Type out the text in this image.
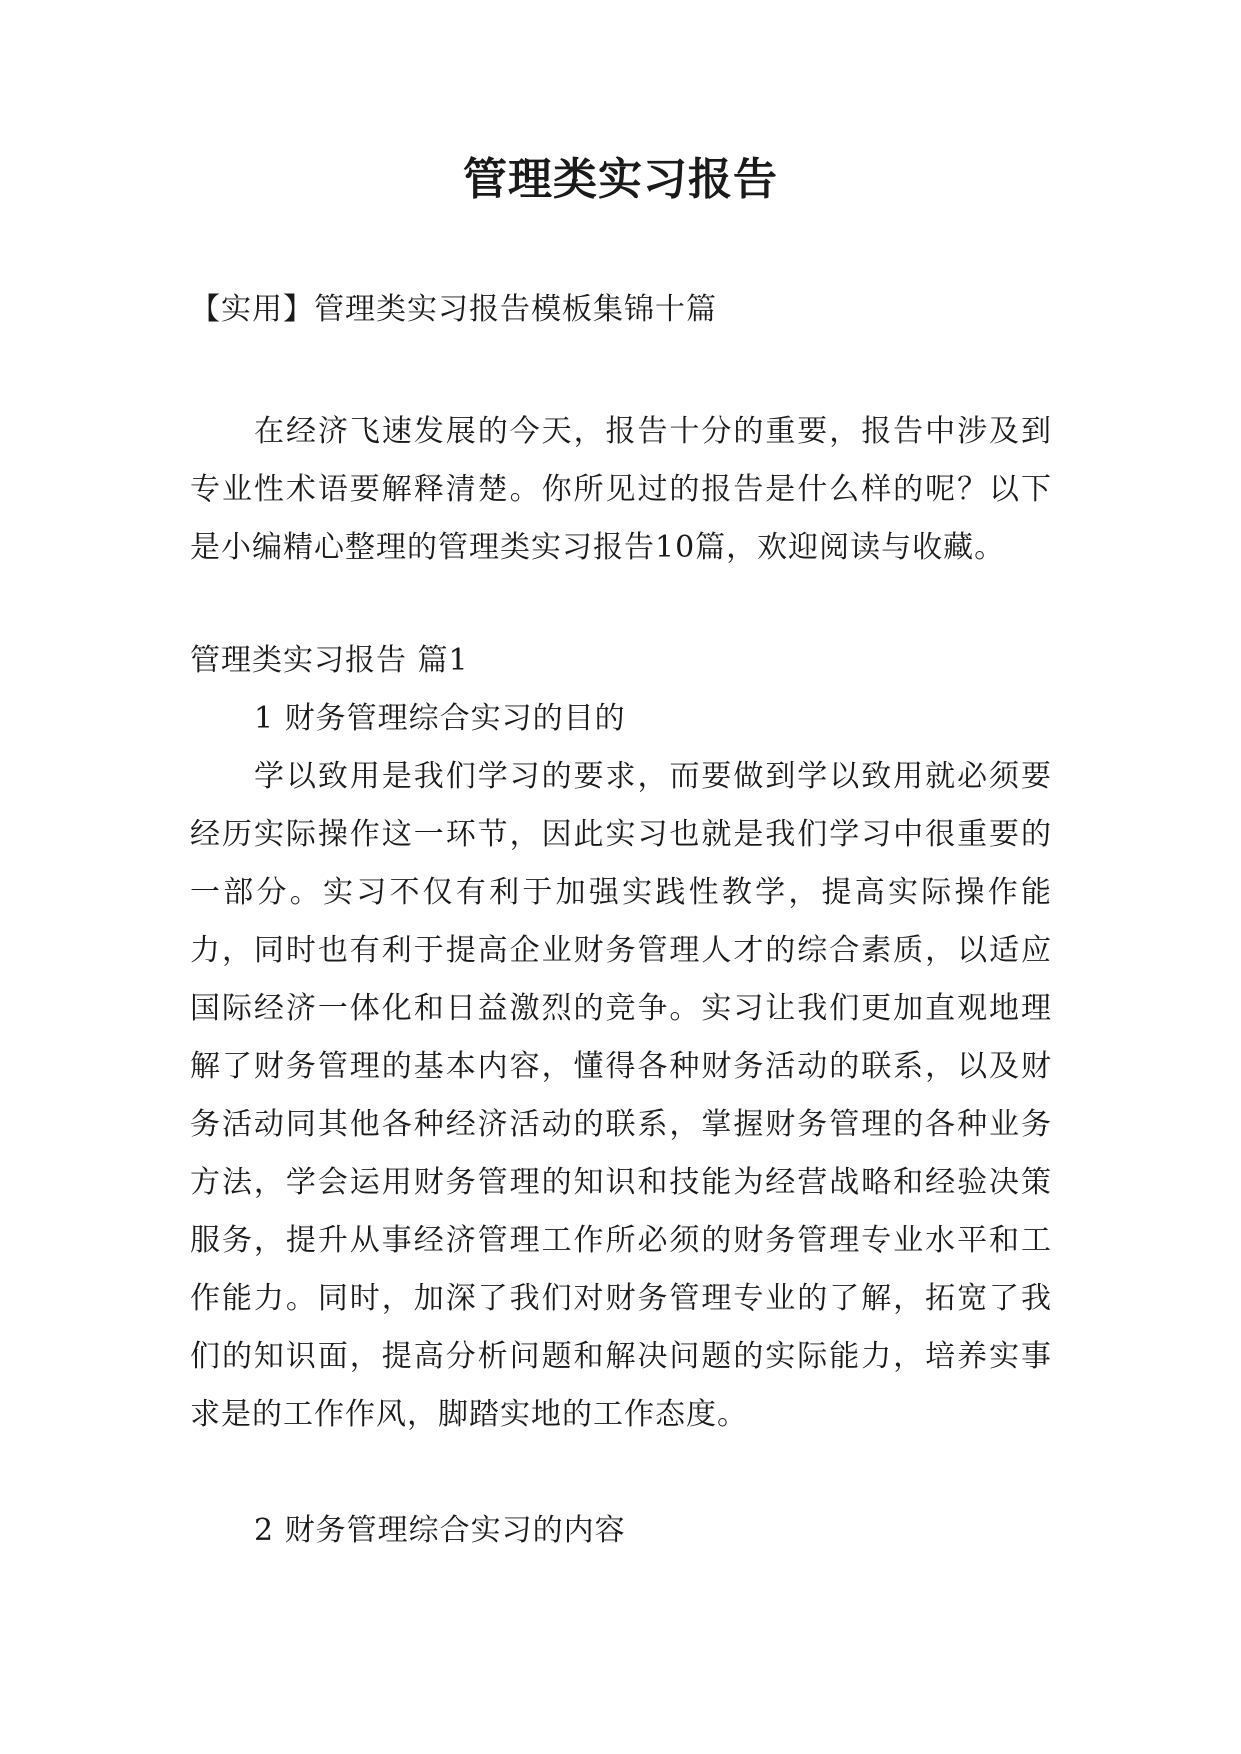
管理类实习报告

【实用】管理类实习报告模板集锦十篇

在经济飞速发展的今天，报告十分的重要，报告中涉及到专业性术语要解释清楚。你所见过的报告是什么样的呢？以下是小编精心整理的管理类实习报告10篇，欢迎阅读与收藏。

管理类实习报告 篇1

1 财务管理综合实习的目的

学以致用是我们学习的要求，而要做到学以致用就必须要经历实际操作这一环节，因此实习也就是我们学习中很重要的一部分。实习不仅有利于加强实践性教学，提高实际操作能力，同时也有利于提高企业财务管理人才的综合素质，以适应国际经济一体化和日益激烈的竞争。实习让我们更加直观地理解了财务管理的基本内容，懂得各种财务活动的联系，以及财务活动同其他各种经济活动的联系，掌握财务管理的各种业务方法，学会运用财务管理的知识和技能为经营战略和经验决策服务，提升从事经济管理工作所必须的财务管理专业水平和工作能力。同时，加深了我们对财务管理专业的了解，拓宽了我们的知识面，提高分析问题和解决问题的实际能力，培养实事求是的工作作风，脚踏实地的工作态度。

2 财务管理综合实习的内容
